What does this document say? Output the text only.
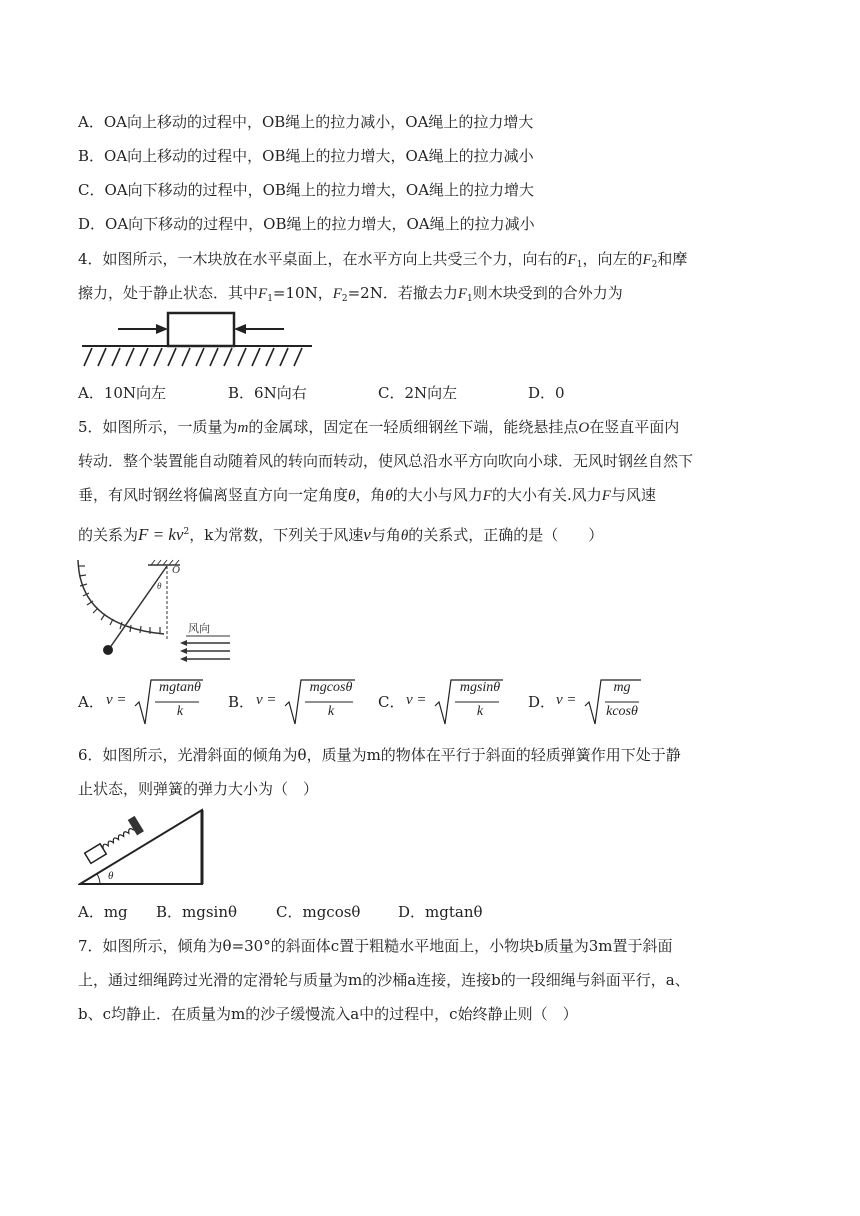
A．OA向上移动的过程中，OB绳上的拉力减小，OA绳上的拉力增大
B．OA向上移动的过程中，OB绳上的拉力增大，OA绳上的拉力减小
C．OA向下移动的过程中，OB绳上的拉力增大，OA绳上的拉力增大
D．OA向下移动的过程中，OB绳上的拉力增大，OA绳上的拉力减小
4．如图所示，一木块放在水平桌面上，在水平方向上共受三个力，向右的$F_1$，向左的$F_2$和摩
擦力，处于静止状态．其中$F_1=10N$，$F_2=2N$．若撤去力$F_1$则木块受到的合外力为
A．10N向左	B．6N向右	C．2N向左	D．0
5．如图所示，一质量为m的金属球，固定在一轻质细钢丝下端，能绕悬挂点O在竖直平面内
转动．整个装置能自动随着风的转向而转动，使风总沿水平方向吹向小球．无风时钢丝自然下
垂，有风时钢丝将偏离竖直方向一定角度θ，角θ的大小与风力F的大小有关.风力F与风速
的关系为$F = kv^2$，k为常数，下列关于风速v与角θ的关系式，正确的是（　　）
O
θ
风向
A． v =
mgtanθ
k
B． v =
mgcosθ
k
C． v =
mgsinθ
k
D． v =
mg
kcosθ
6．如图所示，光滑斜面的倾角为θ，质量为m的物体在平行于斜面的轻质弹簧作用下处于静
止状态，则弹簧的弹力大小为（　）
θ
A．mg B．mgsinθ	C．mgcosθ	D．mgtanθ
7．如图所示，倾角为θ=30°的斜面体c置于粗糙水平地面上，小物块b质量为3m置于斜面
上，通过细绳跨过光滑的定滑轮与质量为m的沙桶a连接，连接b的一段细绳与斜面平行，a、
b、c均静止．在质量为m的沙子缓慢流入a中的过程中，c始终静止则（　）
